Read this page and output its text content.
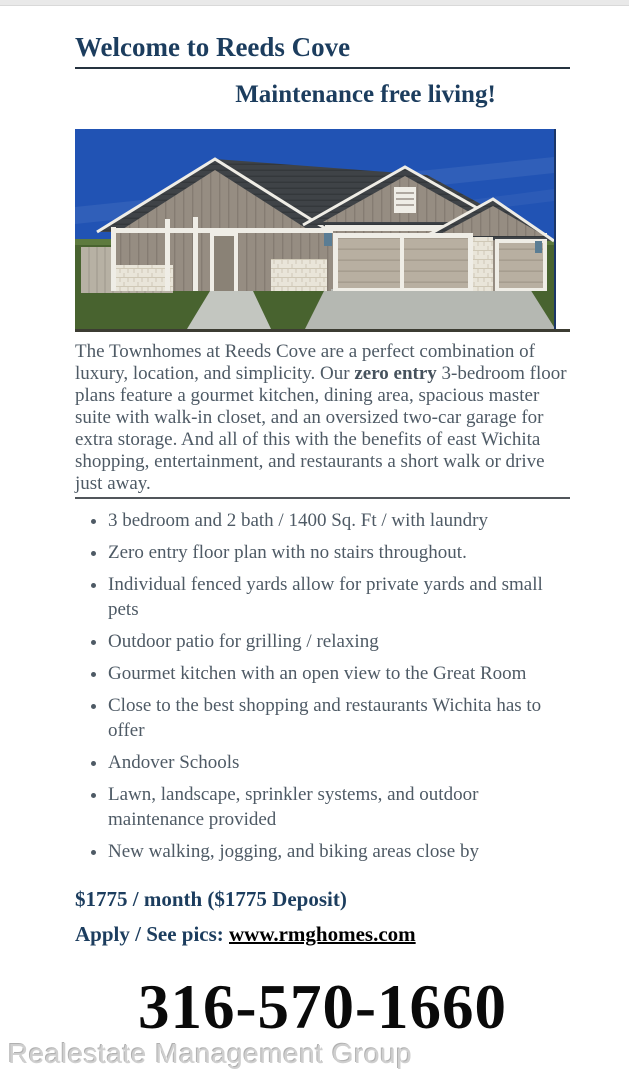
Welcome to Reeds Cove
Maintenance free living!
The Townhomes at Reeds Cove are a perfect combination of luxury, location, and simplicity. Our zero entry 3-bedroom floor plans feature a gourmet kitchen, dining area, spacious master suite with walk-in closet, and an oversized two-car garage for extra storage. And all of this with the benefits of east Wichita shopping, entertainment, and restaurants a short walk or drive just away.
• 3 bedroom and 2 bath / 1400 Sq. Ft / with laundry
• Zero entry floor plan with no stairs throughout.
• Individual fenced yards allow for private yards and small pets
• Outdoor patio for grilling / relaxing
• Gourmet kitchen with an open view to the Great Room
• Close to the best shopping and restaurants Wichita has to offer
• Andover Schools
• Lawn, landscape, sprinkler systems, and outdoor maintenance provided
• New walking, jogging, and biking areas close by
$1775 / month ($1775 Deposit)
Apply / See pics: www.rmghomes.com
316-570-1660
Realestate Management Group
